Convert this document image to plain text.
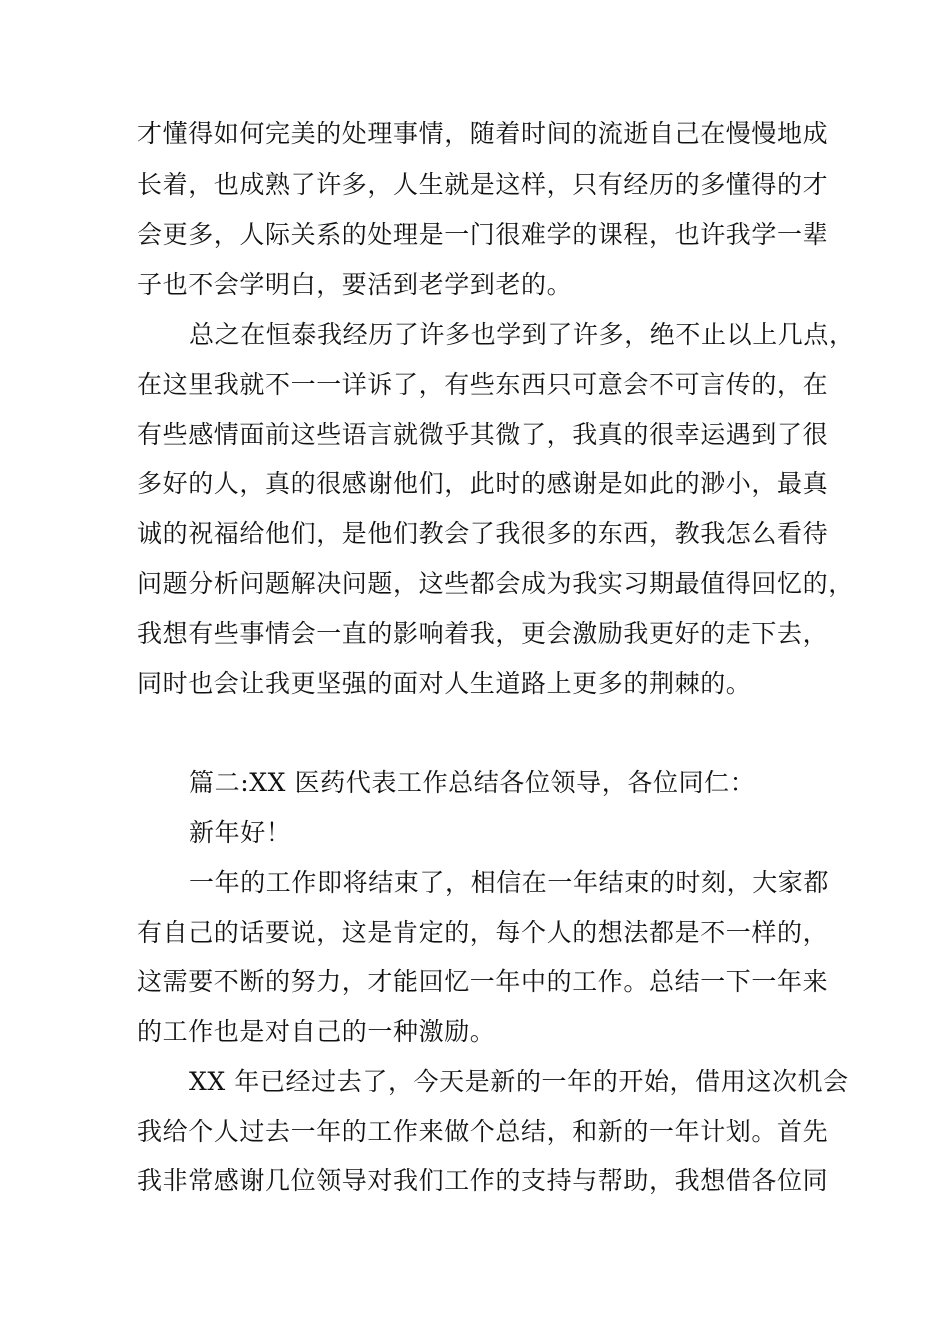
才懂得如何完美的处理事情，随着时间的流逝自己在慢慢地成
长着，也成熟了许多，人生就是这样，只有经历的多懂得的才
会更多，人际关系的处理是一门很难学的课程，也许我学一辈
子也不会学明白，要活到老学到老的。
总之在恒泰我经历了许多也学到了许多，绝不止以上几点，
在这里我就不一一详诉了，有些东西只可意会不可言传的，在
有些感情面前这些语言就微乎其微了，我真的很幸运遇到了很
多好的人，真的很感谢他们，此时的感谢是如此的渺小，最真
诚的祝福给他们，是他们教会了我很多的东西，教我怎么看待
问题分析问题解决问题，这些都会成为我实习期最值得回忆的，
我想有些事情会一直的影响着我，更会激励我更好的走下去，
同时也会让我更坚强的面对人生道路上更多的荆棘的。
篇二:XX 医药代表工作总结各位领导，各位同仁：
新年好！
一年的工作即将结束了，相信在一年结束的时刻，大家都
有自己的话要说，这是肯定的，每个人的想法都是不一样的，
这需要不断的努力，才能回忆一年中的工作。总结一下一年来
的工作也是对自己的一种激励。
XX 年已经过去了，今天是新的一年的开始，借用这次机会
我给个人过去一年的工作来做个总结，和新的一年计划。首先
我非常感谢几位领导对我们工作的支持与帮助，我想借各位同
